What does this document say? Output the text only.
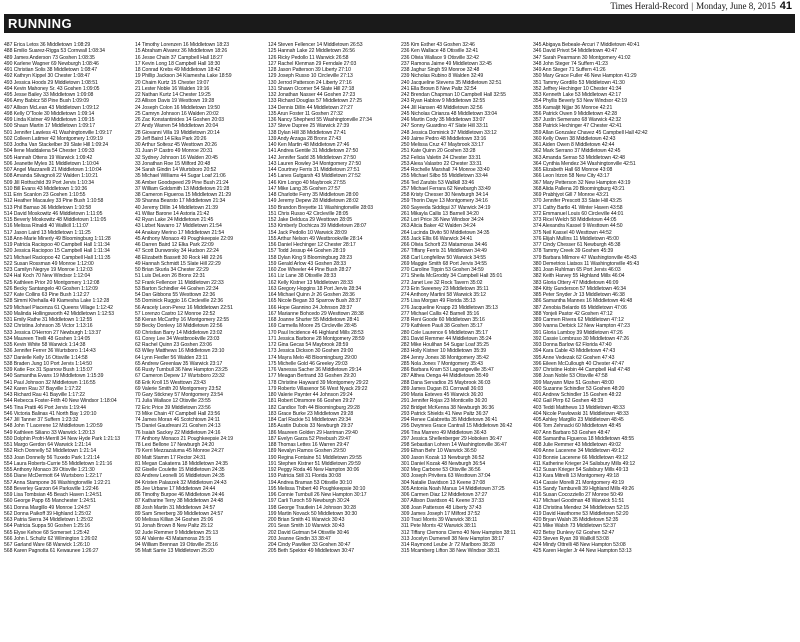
Times Herald-Record | Monday, June 8, 2015 41
RUNNING
487 Erica Letos 36 Middletown 1:08:29
488 Emilio Suarez-Rigga 53 Cornwall 1:08:34
489 James Anderson 73 Goshen 1:08:35
490 Karlene Wagner 69 Newburgh 1:08:46
491 Christian Solis 38 Middletown 1:08:47
492 Kathryn Kippel 30 Chester 1:08:47
493 Jessica Hoods 29 Middletown 1:08:51
494 Kevin Mahoney Sr. 43 Goshen 1:09:05
495 Jesse Bailey 33 Middletown 1:09:08
496 Amy Babicz 58 Pine Bush 1:09:09
497 Allison McLean 43 Middletown 1:09:12
498 Kelly O'Toole 30 Middletown 1:09:14
499 Linda Kistner 49 Middletown 1:09:15
500 Shaun Martin 17 Middletown 1:09:17
501 Jennifer Lawless 41 Washingtonville 1:09:17
502 Colleen Latimer 42 Montgomery 1:09:19
503 Jodha Van Stackelber 39 Slate Hill 1:09:24
504 Ilene Maddalena 54 Chester 1:09:33
505 Hannah Ottens 19 Warwick 1:09:42
506 Jeanette Myles 31 Middletown 1:10:04
507 Angel Mazzarelli 21 Middletown 1:10:04
508 Amanda Silvagnoli 22 Walden 1:10:21
509 Jill Rothschild 39 Port Jervis 1:10:34
510 Bill Evans 43 Middletown 1:10:36
511 Erin Scanlon 23 Goshen 1:10:55
512 Heather Macauley 33 Pine Bush 1:10:58
513 Phil Barnao 36 Middletown 1:10:58
514 David Moskowitz 46 Middletown 1:11:05
515 Beverly Moskowitz 48 Middletown 1:11:05
516 Melissa Rinaldi 40 Wallkill 1:11:07
517 Jason Laird 13 Middletown 1:11:25
518 Ann-Marie Minerly 49 Bloomingburg 1:11:28
519 Patricia Raciopoo 40 Campbell Hall 1:11:34
520 Jessica Raciopoo 15 Campbell Hall 1:11:34
521 Michael Raciopoo 42 Campbell Hall 1:11:35
522 Susan Rossman 49 Monroe 1:12:00
523 Camilyn Negrye 19 Monroe 1:12:03
524 Hal Koch 70 New Windsor 1:12:04
525 Kathleen Prior 20 Montgomery 1:12:08
526 Becky Santangelo 40 Goshen 1:12:09
527 Kate Collins 63 Pine Bush 1:12:27
528 Simmi Khehalla 49 Kiamesha Lake 1:12:28
529 Michael Piacenza 61 Queens Village 1:12:42
530 Malinda Hollingsworth 42 Middletown 1:12:53
531 Emily Rathe 31 Middletown 1:12:55
532 Christina Johnson 35 Victor 1:13:16
533 Jessica O'Herron 27 Newburgh 1:13:37
534 Maureen Tirelli 48 Goshen 1:14:05
535 Kevin White 58 Warwick 1:14:38
536 Jennifer Ferrer 36 Wurtsboro 1:14:43
537 Danielle Kelly 16 Otisville 1:14:58
538 Braden Jung 10 Port Jervis 1:14:50
539 Katie Fox 31 Sparrow Bush 1:15:07
540 Samantha Evans 19 Middletown 1:15:39
541 Paul Johnson 32 Middletown 1:16:55
542 Karen Rau 37 Bayville 1:17:22
543 Richard Rau 41 Bayville 1:17:22
544 Rebecca Foster-Frith 40 New Windsor 1:18:04
545 Tina Pratti 46 Port Jervis 1:19:44
546 Victoria Balinas 41 North Bay 1:20:10
547 Jill Tanner 37 Suffern 1:23:32
548 John T Lacerene 12 Middletown 1:20:59
549 Kathleen Siliano 33 Warwick 1:20:13
550 Dolphin Profri-Merrill 34 New Hyde Park 1:21:13
551 Margo Gerdon 64 Warwick 1:21:14
552 Rich Donnelly 52 Middletown 1:21:14
553 Joan Donnelly 56 Tuxedo Park 1:21:14
554 Laura Roberts-Currie 55 Middletown 1:21:16
555 Anthony Monaco 39 Otisville 1:21:30
556 Diane McDermott 64 Wurtsboro 1:22:17
557 Anna Stampone 36 Washingtonville 1:22:21
558 Beverley Garzon 64 Parksville 1:22:46
559 Lisa Tombsian 45 Beach Haven 1:24:51
560 George Papp 65 Manchester 1:24:51
561 Donna Margillo 49 Monroe 1:24:57
562 Donna Paikoff 39 Highland 1:25:02
563 Patria Sierra 34 Middletown 1:25:02
564 Patricia Suppa 50 Goshen 1:25:16
565 Elyse Kehoe 68 Somerset 1:25:42
566 John L Schultz 62 Wilmington 1:26:02
567 Garland Ware 68 Warwick 1:26:10
568 Karen Pagnotta 61 Kewaunee 1:26:27
14 Timothy Lorenzen 16 Middletown 18:23
15 Abraham Alvarez 36 Middletown 18:26
16 Jesse Chain 37 Campbell Hall 18:27
17 Kevin Long 18 Campbell Hall 18:30
18 Conrad Krebs 49 Middletown 18:42
19 Phillip Jackson 34 Kiamesha Lake 18:59
20 Chaim Kurtz 15 Chester 19:07
21 Lester Noble 16 Walden 19:16
22 Nathan Kurtz 14 Chester 19:25
23 Allison Davis 19 Westtown 19:28
24 Joseph Colon 16 Middletown 19:50
25 Camryn Johnson 16 Walden 20:02
26 Zac Konstantinides 14 Goshen 20:03
27 Andy Warren 54 Middletown 20:04
28 Giovanni Villa 19 Middletown 20:14
29 Jeff Baird 14 Elka Park 20:26
30 Arthur Soltesz 45 Westtown 20:26
31 Juan P Castro 49 Monroe 20:31
32 Sydney Johnson 16 Walden 20:45
33 Jonathan Roe 15 Milford 20:48
34 Sarah Gindin 14 Wurtsboro 20:52
35 Michael Williams 44 Sugar Loaf 21:06
36 Amber Goodspeed 29 Pine Bush 21:24
37 William Goldsmith 13 Middletown 21:28
38 Cameron Figueroa 15 Middletown 21:29
39 Shanna Bearsto 17 Middletown 21:34
40 Jeremy Dillin 14 Middletown 21:39
41 Wiliar Barone 14 Astoria 21:42
42 Ryan Lake 24 Middletown 21:45
43 Lizbet Navarro 17 Middletown 21:54
44 Anakary Merino 17 Middletown 21:54
45 Anthony Monaco 49 Poughkeepsie 22:09
46 Darren Baird 12 Elka Park 22:09
47 Scott Dunworsky 34 Hudson 22:24
48 Elizabeth Bassett 30 Rock Hill 22:26
49 Hannah Schmidt 15 Slate Hill 22:29
50 Brian Skurla 34 Chester 22:29
51 Luis DeLeon 26 Bronx 22:31
52 Frank Fellencer 11 Middletown 22:33
53 Barton Schindler 44 Goshen 22:34
54 Dan Gibbons 55 Westtown 22:36
55 Dominick Ruggio 16 Circleville 22:36
56 Aracely Leon-Perez 16 Middletown 22:51
57 Lorenzo Castro 12 Monroe 22:52
58 Kieran McCarthy 16 Montgomery 22:55
59 Becky Donlevy 18 Middletown 22:56
60 Christian Barry 14 Middletown 23:02
61 Corey Lee 34 Westbrookville 23:03
62 Rachel Quinn 23 Goshen 23:06
63 Wiley Matthews 16 Middletown 23:10
64 Lynn Fiedler 56 Walden 23:11
65 Andrew Greenlaw 35 Warwick 23:17
66 Rusty Turnbull 36 New Hampton 23:25
67 Cameron Depew 17 Wurtsboro 23:32
68 Erik Kroll 15 Westtown 23:43
69 Valerie Smith 20 Montgomery 23:52
70 Gary Stickney 57 Montgomery 23:54
71 Julia Wallace 12 Otisville 23:55
72 Eric Price 39 Middletown 23:56
73 Mike Chain 47 Campbell Hall 23:56
74 James Moran 46 Scotchtown 24:11
75 Daniel Gaudreani 21 Goshen 24:13
76 Isaiah Sackey 22 Middletown 24:16
77 Anthony Monaco 21 Poughkeepsie 24:19
78 Lexi Bellone 17 Newburgh 24:20
79 Kerri Mezzazaluma 45 Monroe 24:27
80 Matt Stamm 17 Rector 24:31
81 Megan Cakaterra 18 Middletown 24:35
82 Giselle Coulette 15 Middletown 24:35
83 Andrew Leonelli 16 Middletown 24:35
84 Kristen Palaszek 32 Middletown 24:43
85 Jee Urbane 17 Middletown 24:44
86 Timothy Burpoe 46 Middletown 24:46
87 Katharine Terry 38 Middletown 24:48
88 Josh Martin 31 Middletown 24:57
89 Sam Smerberg 39 Middletown 24:57
90 Melissa Killian 34 Goshen 25:06
91 Jonah Brown 8 New Paltz 25:12
92 Jude Remmer 9 Middletown 25:13
93 Al Valente 43 Matamoras 25:15
94 William Brennan 19 Otisville 25:16
95 Matt Sarrie 13 Middletown 25:20
124 Steven Fellencer 14 Middletown 26:53
125 Hannah Lake 22 Middletown 26:56
126 Ricky Pedollo 11 Warwick 26:58
127 Rachel Klenman 29 Ferndale 27:03
128 Jason Patterson 39 Liberty 27:10
129 Joseph Russo 10 Circleville 27:13
130 Jerrod Patterson 24 Liberty 27:16
131 Shawn Ocorner 54 Slate Hill 27:18
132 Jonathan Nasser 44 Goshen 27:23
133 Richard Douglas 57 Middletown 27:25
134 Dennis Dillin 44 Middletown 27:27
135 Arun Foster 11 Goshen 27:32
136 Nancy Shepherd 55 Washingtonville 27:34
137 Steve Dupree 25 Warwick 27:39
138 Dylan Hill 38 Middletown 27:41
139 Andy Arzaga 28 Bronx 27:43
140 Ken Martin 48 Middletown 27:46
141 Andrea Gentile 31 Middletown 27:50
142 Jennifer Sadd 35 Middletown 27:50
143 Lauren Rowley 34 Montgomery 27:50
144 Courtney Ferris 31 Middletown 27:51
145 Lanes Gutgarsh 43 Middletown 27:52
146 Kim Longo 40 Maybrook 27:55
147 Mike Lang 35 Goshen 27:57
148 Charlotte Ferry 35 Middletown 28:00
149 Jeremy Depew 28 Middletown 28:02
150 Brandon Breyette 11 Washingtonville 28:03
151 Chris Russo 42 Circleville 28:05
152 Jake Delduca 29 Westtown 28:05
153 Kimberly Dochicza 39 Middletown 28:07
154 Jack Pedollo 10 Warwick 28:09
155 Arthur Nelson 49 Westbrookville 28:14
156 Daniel Hechinger 12 Chester 28:17
157 Todd Jessup 44 Goshen 28:19
158 Dylan King 9 Bloomingburg 28:23
159 Gerald Arlow 43 Goshen 28:33
160 Zoe Wheeler 44 Pine Bush 28:27
161 Liz Lane 38 Otisville 28:33
162 Kelly Kistner 13 Middletown 28:33
163 Gregory Hopgins 18 Port Jervis 28:34
164 Michael Quinn Jr 26 Goshen 28:36
165 Nicole Began 33 Sparrow Bush 28:37
166 Hope Giannino 24 Johnson 28:37
167 Marianne Bohcedo 29 Westtown 28:38
168 Joanne Shurter 55 Middletown 28:41
169 Carmella Moore 25 Circleville 28:45
170 Paul Incidence 46 Highland Mills 28:53
171 Jessica Barbone 28 Montgomery 28:59
172 Gina Gecas 54 Maybrook 28:59
173 Jessica Dickson 30 Goshen 29:00
174 Mayra Melo 48 Bloomingburg 29:00
175 Michelle Gold 46 Greeley 29:03
176 Vanessa Sacher 36 Middletown 29:14
177 Meagan Bertrand 33 Goshen 29:20
178 Christine Hayward 39 Montgomery 29:22
179 Roberto Villasenor 56 West Nyack 29:22
180 Valerie Paynter 44 Johnson 29:24
181 Robert Dinsmore 66 Goshen 29:27
182 Candice Toth 44 Bloomingburg 29:28
183 Grace Burke 23 Middletown 29:28
184 Carl Rackie 51 Middletown 29:34
185 Austin Dubois 33 Newburgh 29:37
186 Maureen Golden 29 Harriman 29:40
187 Evelyn Garza 52 Pinebush 29:47
188 Thomas Lettes 16 Warren 29:47
189 Nevalyn Ramos Goshen 29:50
190 Regina Fontaine 51 Middletown 29:55
191 Stephen Kistner 51 Middletown 29:59
192 Peggy Roda 46 New Hampton 30:06
193 Patricia Still 31 Florida 30:08
194 Andrea Braman 53 Otisville 30:10
195 Melissa Thibert 40 Poughkeepsie 30:10
196 Connie Turnbull 26 New Hampton 30:17
197 Carli Turoch 59 Newburgh 30:24
198 George Trautlein 14 Johnson 30:28
199 Martin Novack 50 Middletown 30:30
200 Brian Smith 41 Warwick 30:43
201 Sean Smith 10 Warwick 30:43
202 David Gutman 54 Otisville 30:46
203 Jeanne Gindin 33 38:47
204 Cindy Pawliker 33 Goshen 30:47
205 Beth Spektor 49 Middletown 30:47
235 Kim Esther 43 Goshen 32:46
236 Ken Wallace 48 Otisville 32:41
236 Olivia Wallace 9 Otisville 32:42
237 Ramona Jaime 49 Middletown 32:45
238 Jaghur Singh 59 Monroe 32:48
239 Nicholas Rubino 8 Walden 32:49
240 Jacqueline Stevens 35 Middletown 32:51
241 Ella Brown 8 New Paltz 32:54
242 Brendan Chapman 10 Campbell Hall 32:55
243 Ryan Hablow 9 Middletown 32:55
244 Jill Hansen 48 Middletown 32:56
245 Nicholas Cirianza 48 Middletown 33:04
246 Martin Cody 35 Middletown 33:07
247 Sonny Guardino 47 Slate Hill 33:11
248 Jessica Dominick 37 Middletown 33:12
249 Jaime Pedro 48 Middletown 33:16
250 Melissa Cruz 47 Maybrook 33:17
251 Kate Quinn 20 Goshen 33:28
252 Felicia Valetin 24 Chester 33:31
253 Alexa Valastro 22 Chester 33:31
254 Rochelle Marshall 74 Monroe 33:40
255 Michael Silbo 55 Middletown 33:44
256 Ted Zarubis 53 Wallkill 33:46
257 Michael Ferrara 62 Newburgh 33:49
258 Kristy Chesser 30 Newburgh 34:14
259 Thorin Daye 13 Montgomery 34:16
260 Sayeeda Siddiqui 37 Warwick 34:19
261 Mikayla Callis 13 Barnell 34:20
262 Lori Price 36 New Windsor 34:24
263 Alicia Baker 42 Walden 34:24
264 Lucinda Divito 50 Middletown 34:35
265 Jack Ellis 66 Warwick 34:41
266 Olivia Schorlt 23 Matamoras 34:46
267 Tiffany Ferris 31 Middletown 34:49
268 Carl Longfellow 50 Warwick 34:55
269 Maggie Smith 68 Port Jervis 34:55
270 Caroline Tippin 53 Goshen 34:59
271 Sheila McGroddy 34 Campbell Hall 35:01
272 Janet Lee 32 Rock Tavern 35:02
273 Erin Sweeney 23 Middletown 35:11
274 Anthony Martini 58 Warwick 35:12
275 Lisa Morgan 49 Florida 35:13
276 Jacqueline Knapp 23 Middletown 35:13
277 Michael Callis 42 Barnell 35:16
278 Reni Goode 60 Middletown 35:16
279 Kathleen Pauli 38 Goshen 35:17
280 Cole Laurence 6 Middletown 35:17
281 David Remmer 44 Middletown 35:24
282 Mike Houlihan 54 Sugar Loaf 35:25
283 Holly Kistner 10 Middletown 35:39
284 Jenny Jones 38 Montgomery 35:42
285 Nola Jones 7 Montgomery 35:43
286 Barbara Kram 53 Lagrangeville 35:47
287 Althea Oenga 44 Middletown 35:49
288 Dana Servadios 25 Maybrook 36:03
289 James Dugan 81 Cornwall 36:03
290 Maria Esteves 45 Warwick 36:20
291 Jennifer Rojas 23 Monticello 36:20
292 Bridget McKenna 38 Newburgh 36:36
293 Patrick Shields 41 New Paltz 36:37
294 Renee Calabretta 35 Middletown 36:41
295 Dwynnes Grace Cantrall 15 Middletown 36:42
296 Tina Marrero 49 Middletown 36:43
297 Jessica Shellenberger 29 Hoboken 36:47
298 Sebastian Lohren 14 Washingtonville 36:47
299 Ethan Behr 10 Warwick 36:50
300 Jason Kozak 13 Newburgh 36:52
301 Daniel Kozak 48 Newburgh 36:54
302 Meg Carbone 53 Otisville 36:56
303 Joseph Privitera 63 Westtown 37:04
304 Natalie Davidson 13 Keene 37:08
305 Antonia Noah Manus 14 Middletown 37:25
306 Carmen Diaz 12 Middletown 37:27
307 Allison Davidson 41 Keene 37:33
308 Joan Patterson 48 Liberty 37:43
309 James Joseph 17 Milford 37:52
310 Traci Morris 39 Warwick 38:11
311 Pete Morris 42 Warwick 38:11
312 Tiffany Clemons Clemo 40 New Hampton 38:11
313 Jocelyn Dumenell 38 New Hampton 38:17
314 Raymond Leube Jr 72 Marlboro 38:28
315 Mcamberg Lifton 38 New Windsor 38:31
345 Abigaya Bebeale-Arcuri 7 Middletown 40:41
346 David Privot 54 Middletown 40:47
347 Sarah Pearmann 30 Montgomery 41:02
348 John Steger 74 Suffern 41:23
349 Ann Steger 71 Suffern 41:26
350 Mary Grace Fuller 46 New Hampton 41:29
351 Tammy Gordillo 53 Middletown 41:30
352 Jeffrey Hechinger 10 Chester 41:34
353 Kenneth Lake 53 Middletown 42:17
354 Phyllis Beverly 53 New Windsor 42:19
355 Kamaljit Nijjar 36 Monroe 42:21
356 Patrick Owen 9 Middletown 42:28
357 Justin Semerano 68 Warwick 42:32
358 Patrick Hechinger 47 Chester 42:41
359 Allan Gonzalez Chavez 45 Campbell Hall 42:42
360 Kelly Owen 38 Middletown 42:43
361 Aiden Owen 8 Middletown 42:44
362 Mark Serrano 37 Middletown 42:45
363 Amanda Serrao 53 Middletown 42:48
364 Cynthia Mendez 34 Washingtonville 42:51
365 Elizabeth Hall 68 Monroe 43:08
366 Leon Irizon 58 New City 43:17
367 Mary Petterson 32 New Hampton 43:19
368 Alida Pallena 20 Bloomingburg 43:21
369 Prabhjyot Gill 7 Monroe 43:21
370 Jennifer Prescott 33 Slate Hill 43:25
371 Cathy Bartlo 41 Winter Haven 43:58
372 Emmanuel Louis 60 Circleville 44:01
373 Ricel Welch 58 Middletown 44:05
374 Alexandra Kassel 9 Westtown 44:50
375 Neil Kassel 40 Westtown 44:52
376 Elijah Mullins 11 Middletown 45:00
377 Cindy Chesser 61 Newburgh 45:38
378 Tammy Creek 39 Goshen 45:39
379 Barbara Milmore 47 Washingtonville 45:43
380 Demetrios Liatsos 11 Washingtonville 45:43
381 Joan Ruhlman 65 Port Jervis 46:03
382 Keith Harvey 55 Highland Mills 46:04
383 Gloria Ottery 47 Middletown 46:09
384 Kitty Gunderson 57 Middletown 46:34
385 Peter Snyder Jr 13 Middletown 46:38
386 Samantha Mannes 16 Middletown 46:48
387 Zenobia Belardo 65 Middletown 47:06
388 Yonjeli Pastor 42 Goshen 47:12
389 Carmen Rivera 62 Middletown 47:12
390 Ivanna Derbick 12 New Hampton 47:23
391 Gloria Lamboy 39 Middletown 47:26
392 Cassie Lombruso 30 Middletown 47:26
393 Donna Barlow 62 Florida 47:40
394 Kara Cable 43 Middletown 47:43
395 Anne Vedezak 62 Goshen 47:43
396 Eileen McCullough 40 Chester 47:47
397 Christine Hobin 44 Campbell Hall 47:48
398 Joan Noble 53 Otisville 47:58
399 Maryann Mize 51 Goshen 48:00
400 Suzanne Schindler 53 Goshen 48:20
401 Andrew Schindler 15 Goshen 48:22
402 Gail Pirrp 62 Goshen 48:33
403 Teddi Matthews 13 Middletown 48:33
404 Nicole Pawlowski 31 Middletown 48:33
405 Ashley Margillo 23 Middletown 48:45
406 Tom Zehnacki 60 Middletown 48:45
407 Ann Barbaro 53 Goshen 48:47
408 Samantha Figueroa 18 Middletown 48:55
408 Julie Remmer 43 Middletown 49:02
409 Anne Lacerene 34 Middletown 49:12
410 Bonnie Lacerene 66 Middletown 49:12
411 Katherine Krieger 24 Salisbury Mills 49:12
412 Susan Krieger 54 Salisbury Mills 49:13
413 Kara Mitrelli 13 Montgomery 49:18
414 Cassie Morelli 21 Montgomery 49:19
415 Sandy Tamburelli 39 Highland Mills 49:26
416 Susan Cocozziello 27 Monroe 50:49
417 Michael Goodman 48 Warwick 51:51
418 Christina Mendez 34 Middletown 52:15
419 David Hawthorne 53 Middletown 52:20
420 Bryan Walsh 35 Middletown 52:35
421 Mike Walsh 73 Middletown 52:37
422 Betsy Dunlevy 62 Goshen 52:47
423 Steven Ryan 39 Wallkill 53:08
424 Mindy Ottrelli 48 New Hampton 53:08
425 Karen Hegler Jr 44 New Hampton 53:13
